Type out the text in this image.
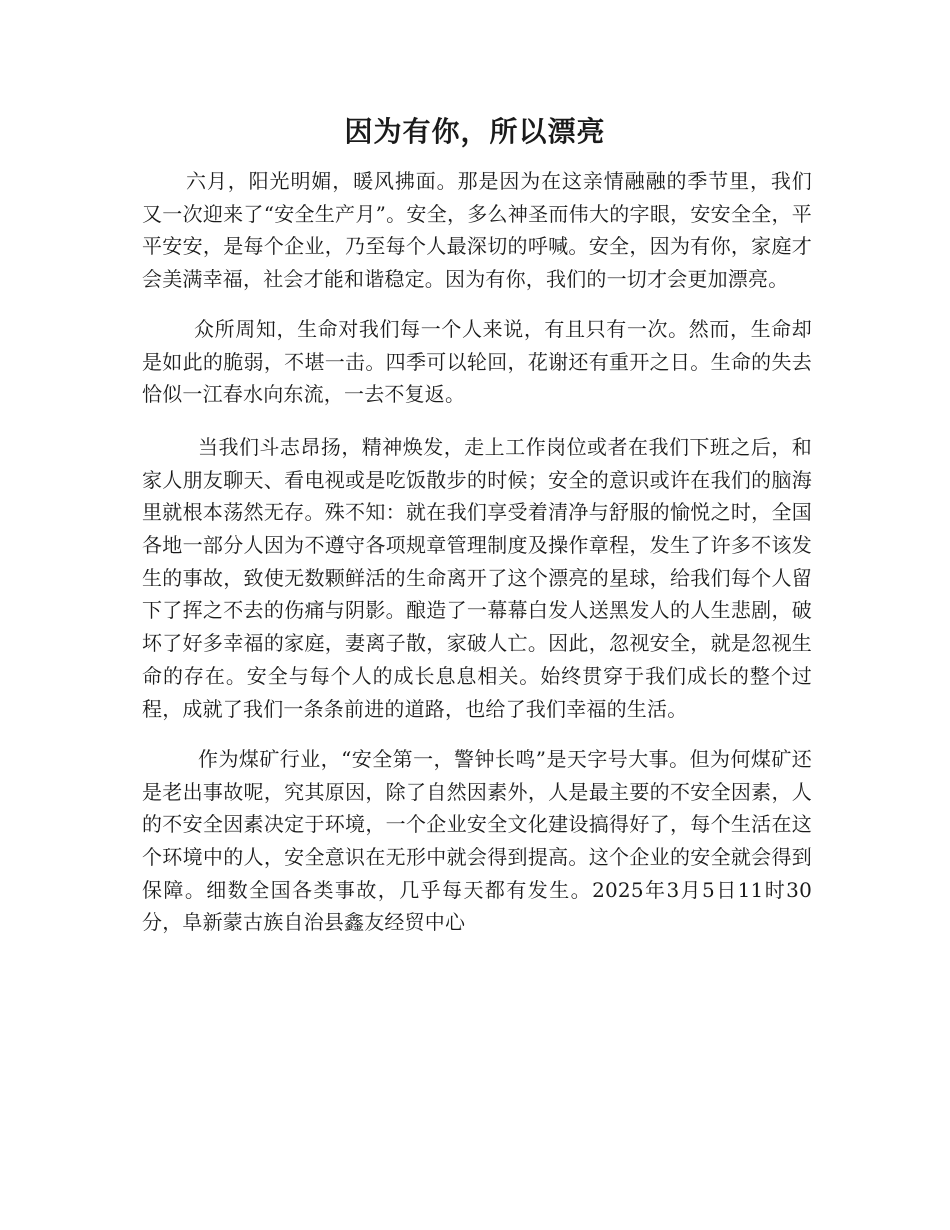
因为有你，所以漂亮

六月，阳光明媚，暖风拂面。那是因为在这亲情融融的季节里，我们又一次迎来了“安全生产月”。安全，多么神圣而伟大的字眼，安安全全，平平安安，是每个企业，乃至每个人最深切的呼喊。安全，因为有你，家庭才会美满幸福，社会才能和谐稳定。因为有你，我们的一切才会更加漂亮。

众所周知，生命对我们每一个人来说，有且只有一次。然而，生命却是如此的脆弱，不堪一击。四季可以轮回，花谢还有重开之日。生命的失去恰似一江春水向东流，一去不复返。

当我们斗志昂扬，精神焕发，走上工作岗位或者在我们下班之后，和家人朋友聊天、看电视或是吃饭散步的时候；安全的意识或许在我们的脑海里就根本荡然无存。殊不知：就在我们享受着清净与舒服的愉悦之时，全国各地一部分人因为不遵守各项规章管理制度及操作章程，发生了许多不该发生的事故，致使无数颗鲜活的生命离开了这个漂亮的星球，给我们每个人留下了挥之不去的伤痛与阴影。酿造了一幕幕白发人送黑发人的人生悲剧，破坏了好多幸福的家庭，妻离子散，家破人亡。因此，忽视安全，就是忽视生命的存在。安全与每个人的成长息息相关。始终贯穿于我们成长的整个过程，成就了我们一条条前进的道路，也给了我们幸福的生活。

作为煤矿行业，“安全第一，警钟长鸣”是天字号大事。但为何煤矿还是老出事故呢，究其原因，除了自然因素外，人是最主要的不安全因素，人的不安全因素决定于环境，一个企业安全文化建设搞得好了，每个生活在这个环境中的人，安全意识在无形中就会得到提高。这个企业的安全就会得到保障。细数全国各类事故，几乎每天都有发生。2025年3月5日11时30分，阜新蒙古族自治县鑫友经贸中心
